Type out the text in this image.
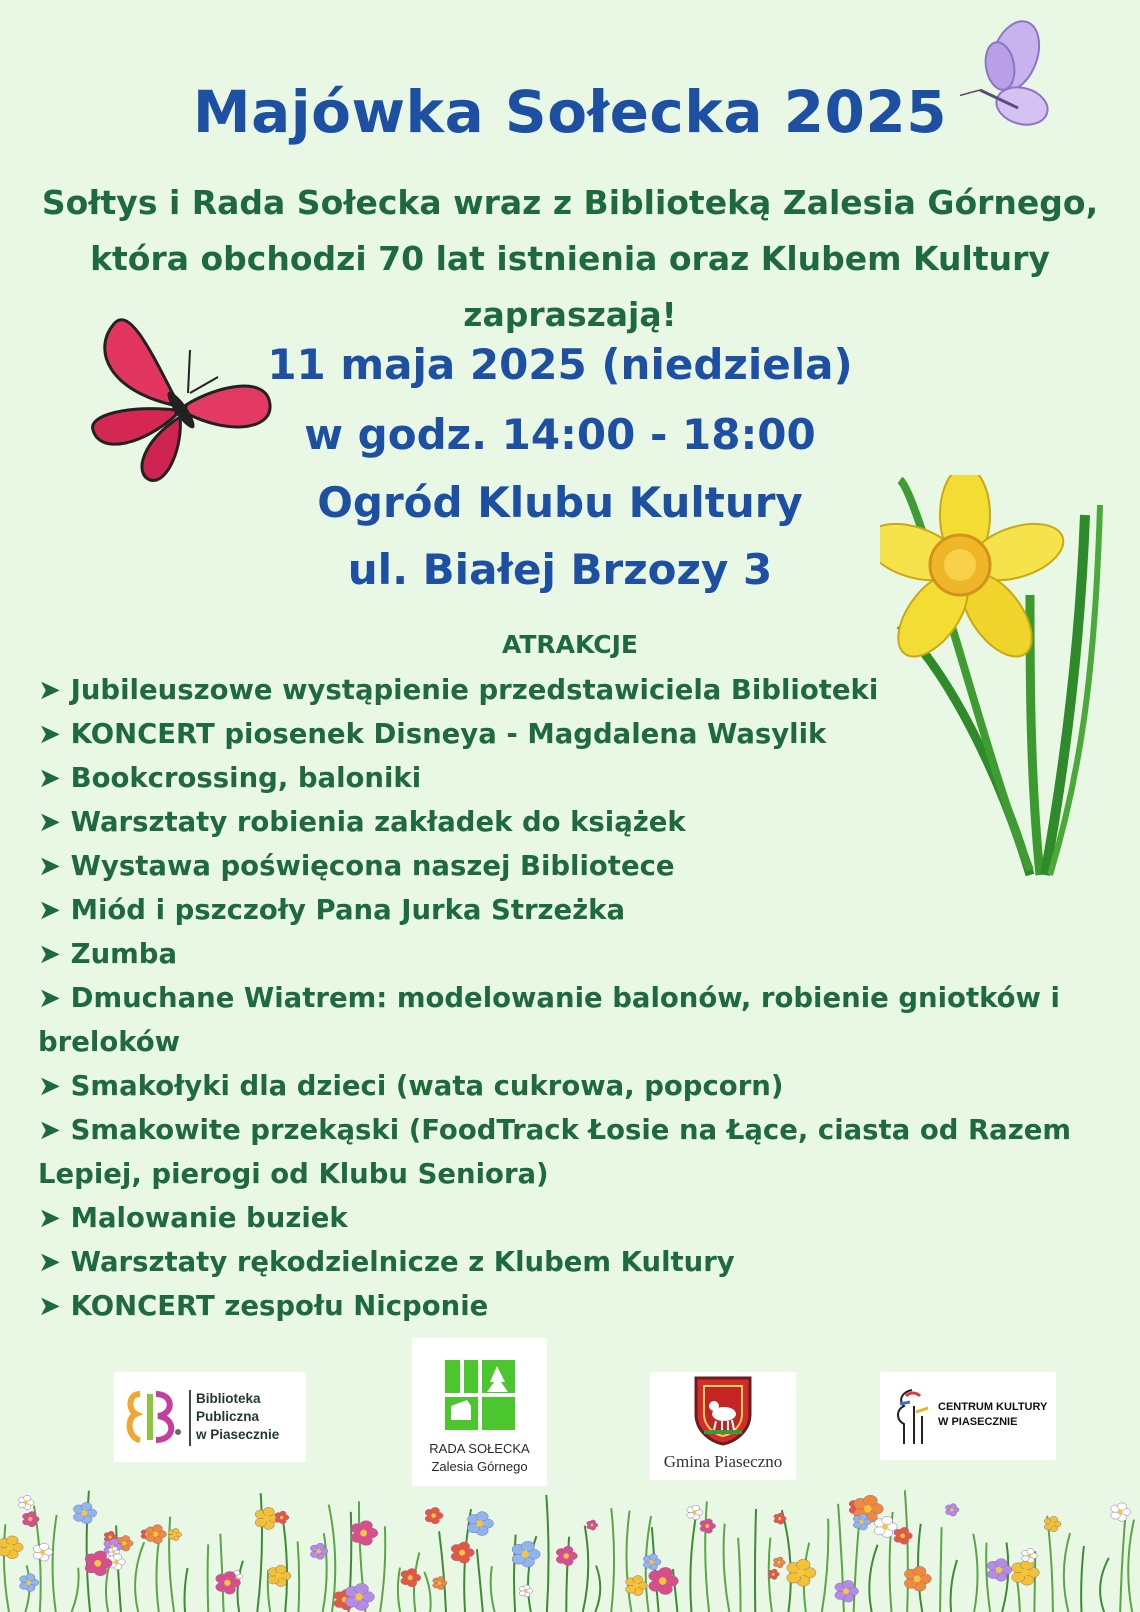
Majówka Sołecka 2025
Sołtys i Rada Sołecka wraz z Biblioteką Zalesia Górnego,
która obchodzi 70 lat istnienia oraz Klubem Kultury
zapraszają!
11 maja 2025 (niedziela)
w godz. 14:00 - 18:00
Ogród Klubu Kultury
ul. Białej Brzozy 3
ATRAKCJE
➤ Jubileuszowe wystąpienie przedstawiciela Biblioteki
➤ KONCERT piosenek Disneya - Magdalena Wasylik
➤ Bookcrossing, baloniki
➤ Warsztaty robienia zakładek do książek
➤ Wystawa poświęcona naszej Bibliotece
➤ Miód i pszczoły Pana Jurka Strzeżka
➤ Zumba
➤ Dmuchane Wiatrem: modelowanie balonów, robienie gniotków i
breloków
➤ Smakołyki dla dzieci (wata cukrowa, popcorn)
➤ Smakowite przekąski (FoodTrack Łosie na Łące, ciasta od Razem
Lepiej, pierogi od Klubu Seniora)
➤ Malowanie buziek
➤ Warsztaty rękodzielnicze z Klubem Kultury
➤ KONCERT zespołu Nicponie
Biblioteka
Publiczna
w Piasecznie
RADA SOŁECKA
Zalesia Górnego	Gmina Piaseczno
CENTRUM KULTURY
W PIASECZNIE
